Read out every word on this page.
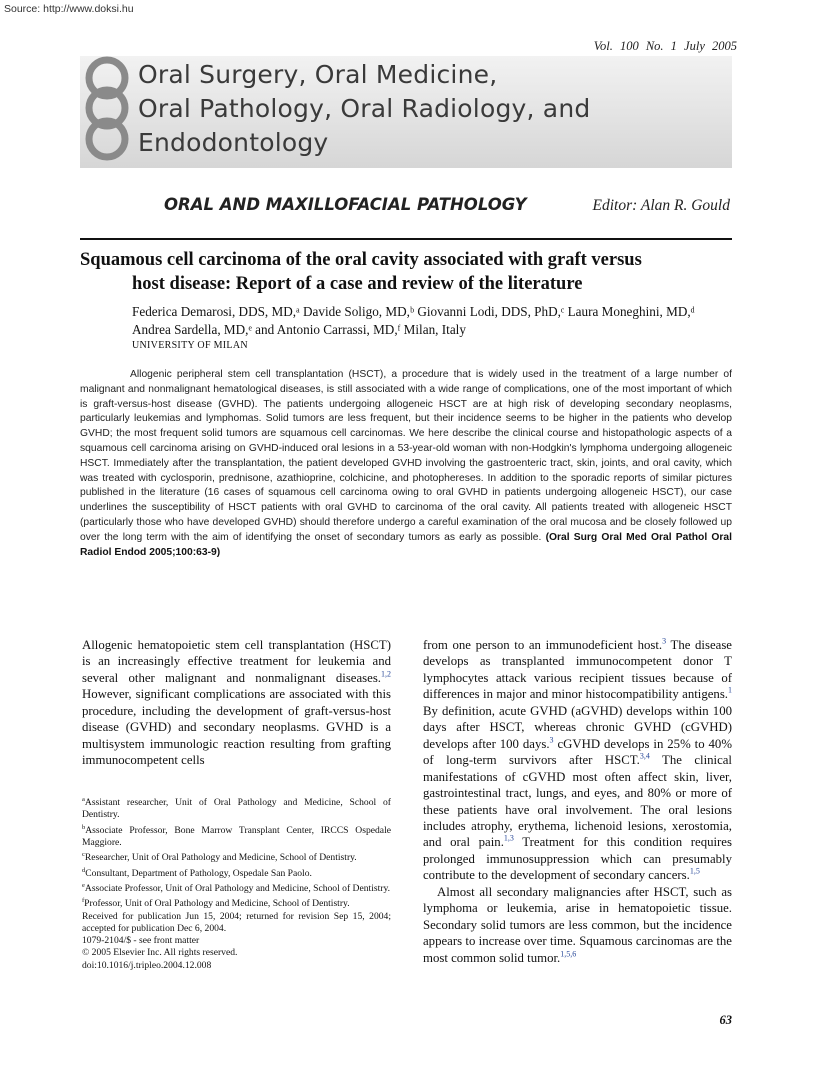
Source: http://www.doksi.hu
Vol. 100 No. 1 July 2005
Oral Surgery, Oral Medicine,
Oral Pathology, Oral Radiology, and
Endodontology
ORAL AND MAXILLOFACIAL PATHOLOGY	Editor: Alan R. Gould
Squamous cell carcinoma of the oral cavity associated with graft versus
host disease: Report of a case and review of the literature
Federica Demarosi, DDS, MD,ᵃ Davide Soligo, MD,ᵇ Giovanni Lodi, DDS, PhD,ᶜ Laura Moneghini, MD,ᵈ
Andrea Sardella, MD,ᵉ and Antonio Carrassi, MD,ᶠ Milan, Italy
UNIVERSITY OF MILAN
Allogenic peripheral stem cell transplantation (HSCT), a procedure that is widely used in the treatment of a large number of malignant and nonmalignant hematological diseases, is still associated with a wide range of complications, one of the most important of which is graft-versus-host disease (GVHD). The patients undergoing allogeneic HSCT are at high risk of developing secondary neoplasms, particularly leukemias and lymphomas. Solid tumors are less frequent, but their incidence seems to be higher in the patients who develop GVHD; the most frequent solid tumors are squamous cell carcinomas. We here describe the clinical course and histopathologic aspects of a squamous cell carcinoma arising on GVHD-induced oral lesions in a 53-year-old woman with non-Hodgkin's lymphoma undergoing allogeneic HSCT. Immediately after the transplantation, the patient developed GVHD involving the gastroenteric tract, skin, joints, and oral cavity, which was treated with cyclosporin, prednisone, azathioprine, colchicine, and photophereses. In addition to the sporadic reports of similar pictures published in the literature (16 cases of squamous cell carcinoma owing to oral GVHD in patients undergoing allogeneic HSCT), our case underlines the susceptibility of HSCT patients with oral GVHD to carcinoma of the oral cavity. All patients treated with allogeneic HSCT (particularly those who have developed GVHD) should therefore undergo a careful examination of the oral mucosa and be closely followed up over the long term with the aim of identifying the onset of secondary tumors as early as possible. (Oral Surg Oral Med Oral Pathol Oral Radiol Endod 2005;100:63-9)

Allogenic hematopoietic stem cell transplantation (HSCT) is an increasingly effective treatment for leukemia and several other malignant and nonmalignant diseases.$^{1,2}$ However, significant complications are associated with this procedure, including the development of graft-versus-host disease (GVHD) and secondary neoplasms. GVHD is a multisystem immunologic reaction resulting from grafting immunocompetent cells

$^a$Assistant researcher, Unit of Oral Pathology and Medicine, School of Dentistry.
$^b$Associate Professor, Bone Marrow Transplant Center, IRCCS Ospedale Maggiore.
$^c$Researcher, Unit of Oral Pathology and Medicine, School of Dentistry.
$^d$Consultant, Department of Pathology, Ospedale San Paolo.
$^e$Associate Professor, Unit of Oral Pathology and Medicine, School of Dentistry.
$^f$Professor, Unit of Oral Pathology and Medicine, School of Dentistry.
Received for publication Jun 15, 2004; returned for revision Sep 15, 2004; accepted for publication Dec 6, 2004.
1079-2104/$ - see front matter
© 2005 Elsevier Inc. All rights reserved.
doi:10.1016/j.tripleo.2004.12.008

from one person to an immunodeficient host.$^3$ The disease develops as transplanted immunocompetent donor T lymphocytes attack various recipient tissues because of differences in major and minor histocompatibility antigens.$^1$ By definition, acute GVHD (aGVHD) develops within 100 days after HSCT, whereas chronic GVHD (cGVHD) develops after 100 days.$^3$ cGVHD develops in 25% to 40% of long-term survivors after HSCT.$^{3,4}$ The clinical manifestations of cGVHD most often affect skin, liver, gastrointestinal tract, lungs, and eyes, and 80% or more of these patients have oral involvement. The oral lesions includes atrophy, erythema, lichenoid lesions, xerostomia, and oral pain.$^{1,3}$ Treatment for this condition requires prolonged immunosuppression which can presumably contribute to the development of secondary cancers.$^{1,5}$

Almost all secondary malignancies after HSCT, such as lymphoma or leukemia, arise in hematopoietic tissue. Secondary solid tumors are less common, but the incidence appears to increase over time. Squamous carcinomas are the most common solid tumor.$^{1,5,6}$

63
